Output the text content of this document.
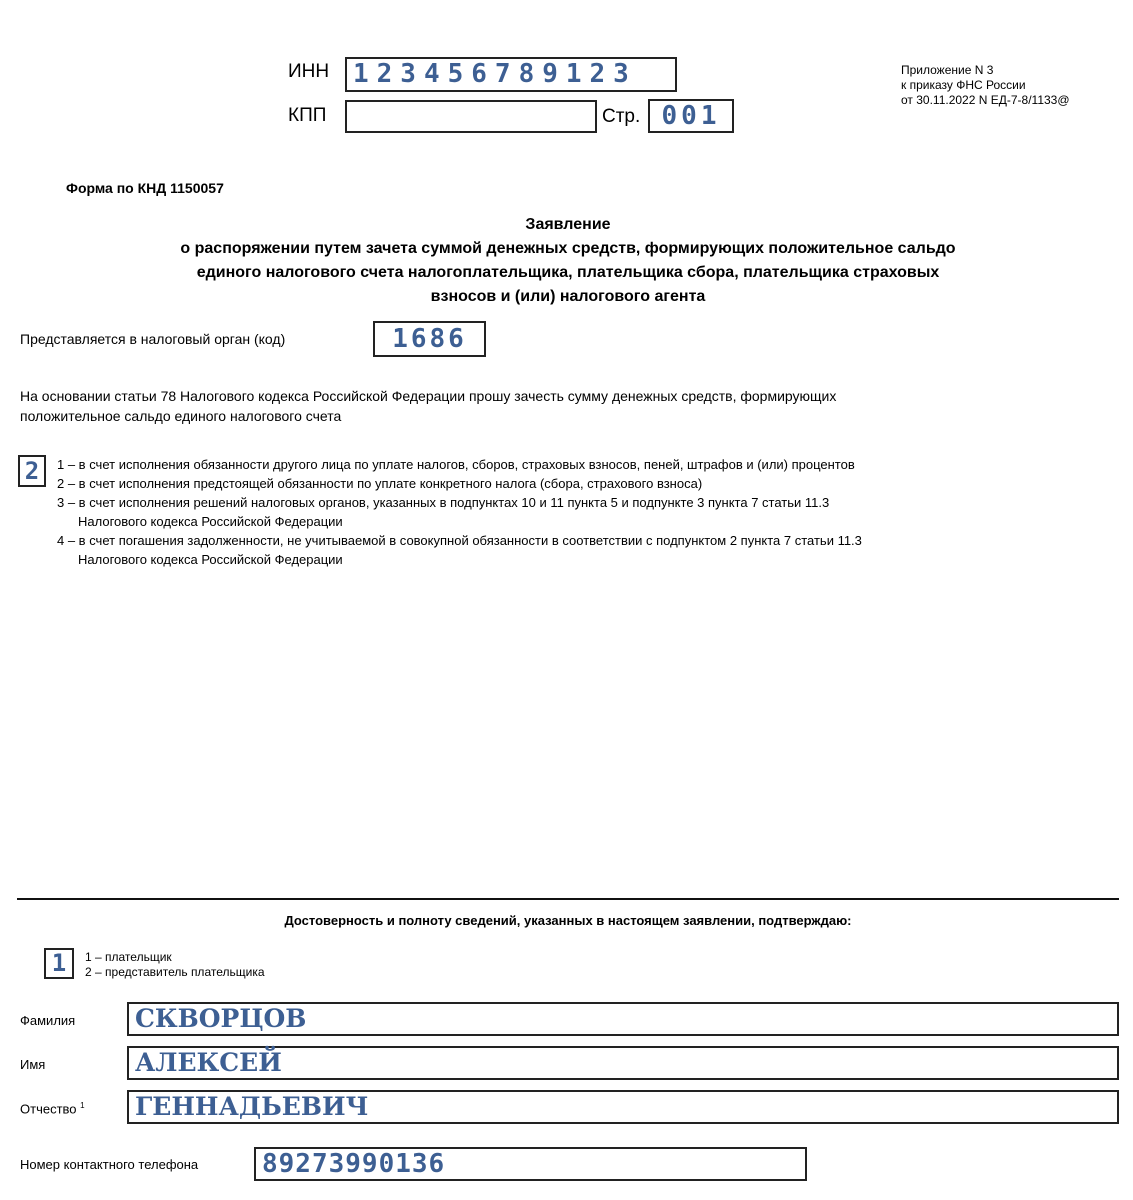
ИНН 123456789123
КПП	Стр. 001
Приложение N 3
к приказу ФНС России
от 30.11.2022 N ЕД-7-8/1133@
Форма по КНД 1150057
Заявление
о распоряжении путем зачета суммой денежных средств, формирующих положительное сальдо
единого налогового счета налогоплательщика, плательщика сбора, плательщика страховых
взносов и (или) налогового агента
Представляется в налоговый орган (код)	1686
На основании статьи 78 Налогового кодекса Российской Федерации прошу зачесть сумму денежных средств, формирующих
положительное сальдо единого налогового счета
2	1 – в счет исполнения обязанности другого лица по уплате налогов, сборов, страховых взносов, пеней, штрафов и (или) процентов
2 – в счет исполнения предстоящей обязанности по уплате конкретного налога (сбора, страхового взноса)
3 – в счет исполнения решений налоговых органов, указанных в подпунктах 10 и 11 пункта 5 и подпункте 3 пункта 7 статьи 11.3
Налогового кодекса Российской Федерации
4 – в счет погашения задолженности, не учитываемой в совокупной обязанности в соответствии с подпунктом 2 пункта 7 статьи 11.3
Налогового кодекса Российской Федерации
Достоверность и полноту сведений, указанных в настоящем заявлении, подтверждаю:
1	1 – плательщик
2 – представитель плательщика
Фамилия СКВОРЦОВ
Имя	АЛЕКСЕЙ
Отчество $^1$ ГЕННАДЬЕВИЧ
Номер контактного телефона 89273990136
